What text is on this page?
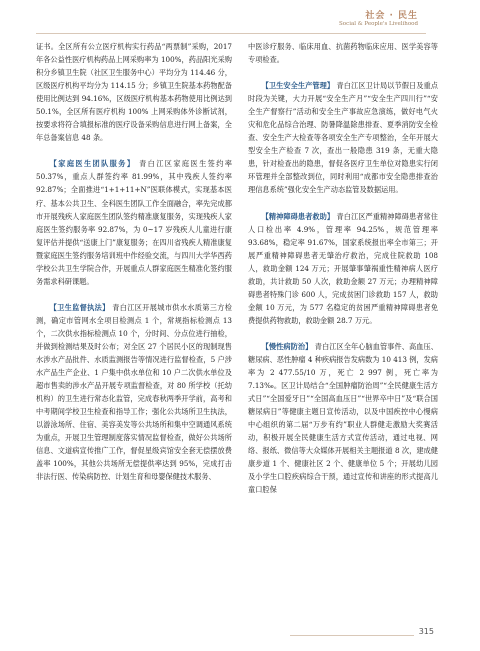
社会 · 民生
Social & People's Livelihood

证书。全区所有公立医疗机构实行药品“两票制”采购，2017 年各公益性医疗机构药品上网采购率为 100%，药品阳光采购积分乡镇卫生院（社区卫生服务中心）平均分为 114.46 分，区级医疗机构平均分为 114.15 分；乡镇卫生院基本药物配备使用比例达到 94.16%，区级医疗机构基本药物使用比例达到 50.1%，全区所有医疗机构 100% 上网采购体外诊断试剂，按要求将符合填报标准的医疗设备采购信息进行网上备案，全年总备案信息 48 条。

【家庭医生团队服务】 青白江区家庭医生签约率 50.37%，重点人群签约率 81.99%，其中残疾人签约率 92.87%；全面推进“1+1+11+N”医联体模式，实现基本医疗、基本公共卫生、全科医生团队工作全面融合，率先完成都市开展残疾人家庭医生团队签约精准康复服务，实现残疾人家庭医生签约服务率 92.87%，为 0~17 岁残疾人儿童进行康复评估并提供“送康上门”康复服务；在四川省残疾人精准康复暨家庭医生签约服务培训班中作经验交流，与四川大学华西药学校公共卫生学院合作，开展重点人群家庭医生精准化签约服务需求科研课题。

【卫生监督执法】 青白江区开展城市供水水质第三方检测，确定市管网水全项目检测点 1 个，常规指标检测点 13 个，二次供水指标检测点 10 个，分时间、分点位进行抽检，并做到检测结果及时公布；对全区 27 个居民小区的现制现售水涉水产品批件、水质监测报告等情况进行监督检查，5 户涉水产品生产企业、1 户集中供水单位和 10 户二次供水单位及超市售卖的涉水产品开展专项监督检查，对 80 所学校（托幼机构）的卫生进行常态化监管，完成春秋两季开学前，高考和中考期间学校卫生检查和指导工作；强化公共场所卫生执法，以游泳场所、住宿、美容美发等公共场所和集中空调通风系统为重点，开展卫生管理制度落实情况监督检查，做好公共场所信息、文道病宣传推广工作，督促星级宾馆安全套无偿摆放费盖率 100%，其他公共场所无偿提供率达到 95%，完成打击非法行医、传染病防控、计划生育和母婴保健技术服务、

中医诊疗服务、临床用血、抗菌药物临床应用、医学美容等专项检查。

【卫生安全生产管理】 青白江区卫计局以节假日及重点时段为关键，大力开展“安全生产月”“安全生产四川行”“安全生产督察行”活动和安全生产事故应急演练，做好电气火灾和危化品综合治理、防暑降温除患排查、夏季消防安全检查、安全生产大检查等各项安全生产专项整治，全年开展大型安全生产检查 7 次，查出一般隐患 319 条，无重大隐患，针对检查出的隐患，督促各医疗卫生单位对隐患实行闭环管理并全部整改到位，同时利用“成都市安全隐患排查治理信息系统”强化安全生产动态监管及数据运用。

【精神障碍患者救助】 青白江区严重精神障碍患者常住人口检出率 4.9%，管理率 94.25%，规范管理率 93.68%，稳定率 91.67%，国家系统报出率全市第三；开展严重精神障碍患者无肇治疗救治，完成住院救助 108 人，救助金额 124 万元；开展肇事肇祸重性精神病人医疗救助，共计救助 50 人次，救助金额 27 万元；办理精神障碍患者特殊门诊 600 人，完成贫困门诊救助 157 人，救助金额 10 万元，为 577 名稳定的贫困严重精神障碍患者免费提供药物救助，救助金额 28.7 万元。

【慢性病防治】 青白江区全年心脑血管事件、高血压、糖尿病、恶性肿瘤 4 种疾病报告发病数为 10 413 例，发病率为 2 477.55/10 万，死亡 2 997 例，死亡率为 7.13‰。区卫计局结合“全国肿瘤防治周”“全民健康生活方式日”“全国爱牙日”“全国高血压日”“世界卒中日”及“联合国糖尿病日”等健康主题日宣传活动，以及中国疾控中心慢病中心组织的第二届“万步有约”职业人群健走激励大奖赛活动，积极开展全民健康生活方式宣传活动，通过电视、网络、报纸、微信等大众媒体开展相关主题报道 8 次，建成健康步道 1 个、健康社区 2 个、健康单位 5 个；开展幼儿园及小学生口腔疾病综合干预，通过宣传和讲座的形式提高儿童口腔保

315
